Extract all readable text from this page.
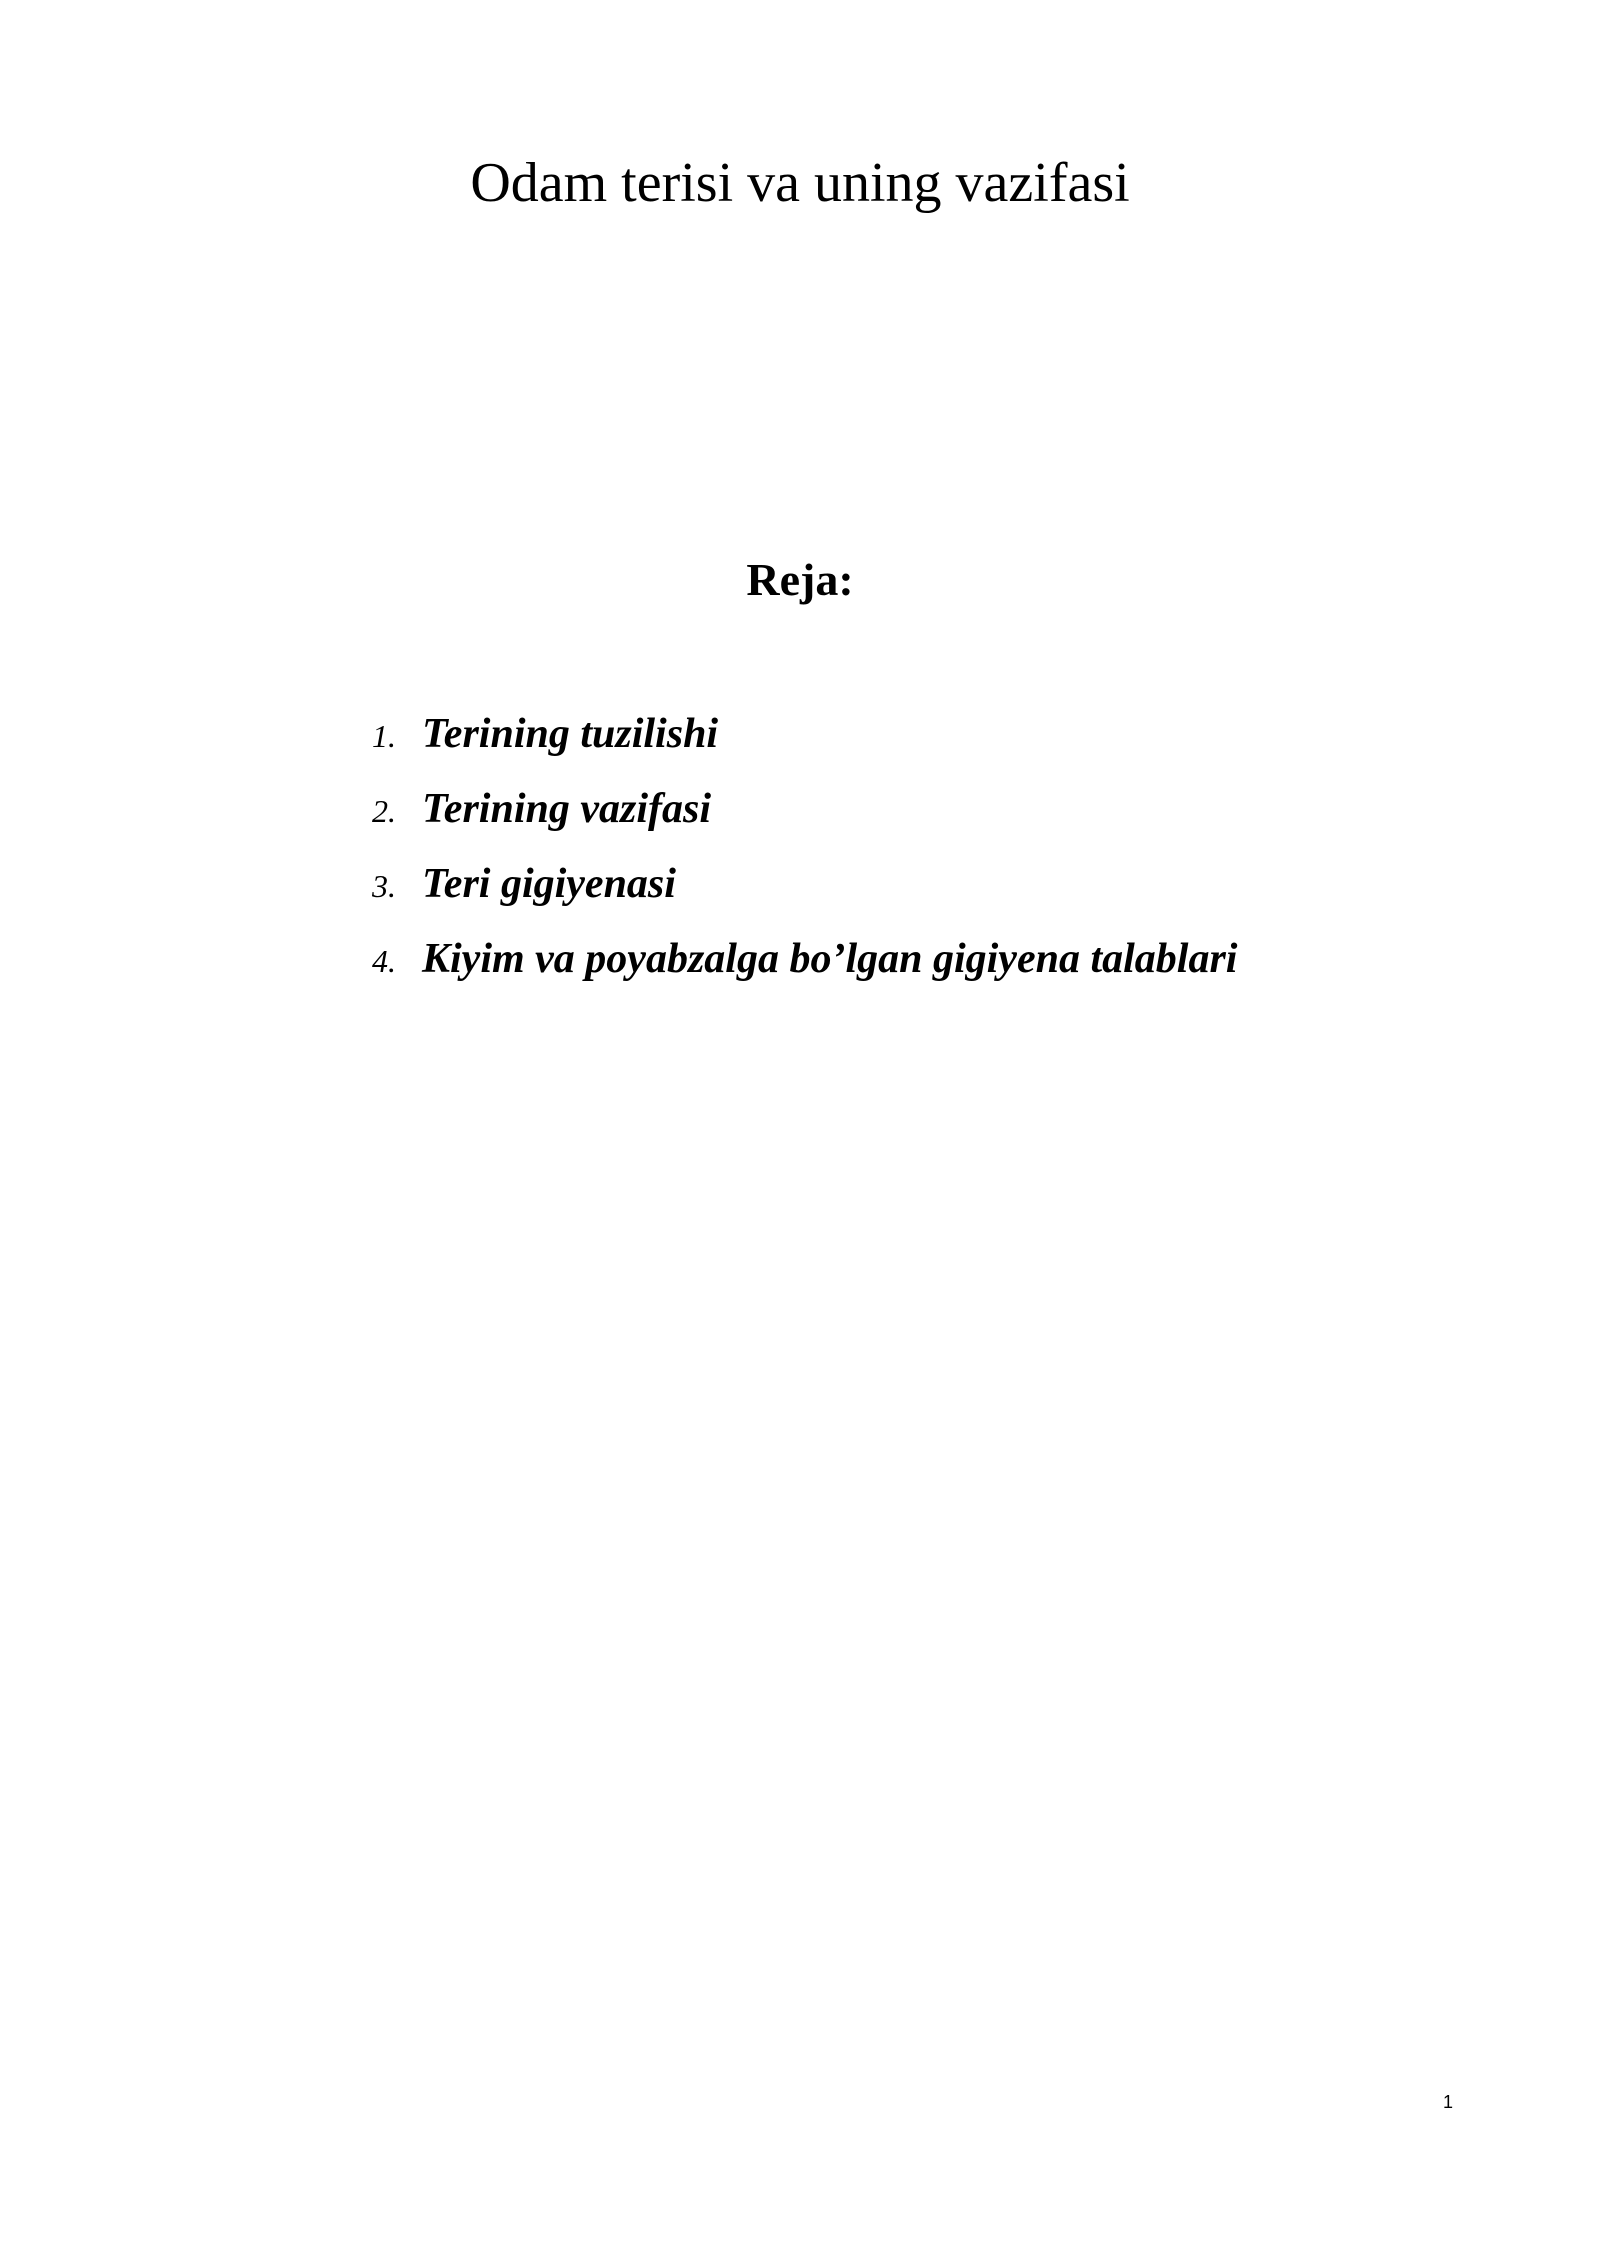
Odam terisi va uning vazifasi
Reja:
1. Terining tuzilishi
2. Terining vazifasi
3. Teri gigiyenasi
4. Kiyim va poyabzalga bo’lgan gigiyena talablari
1
